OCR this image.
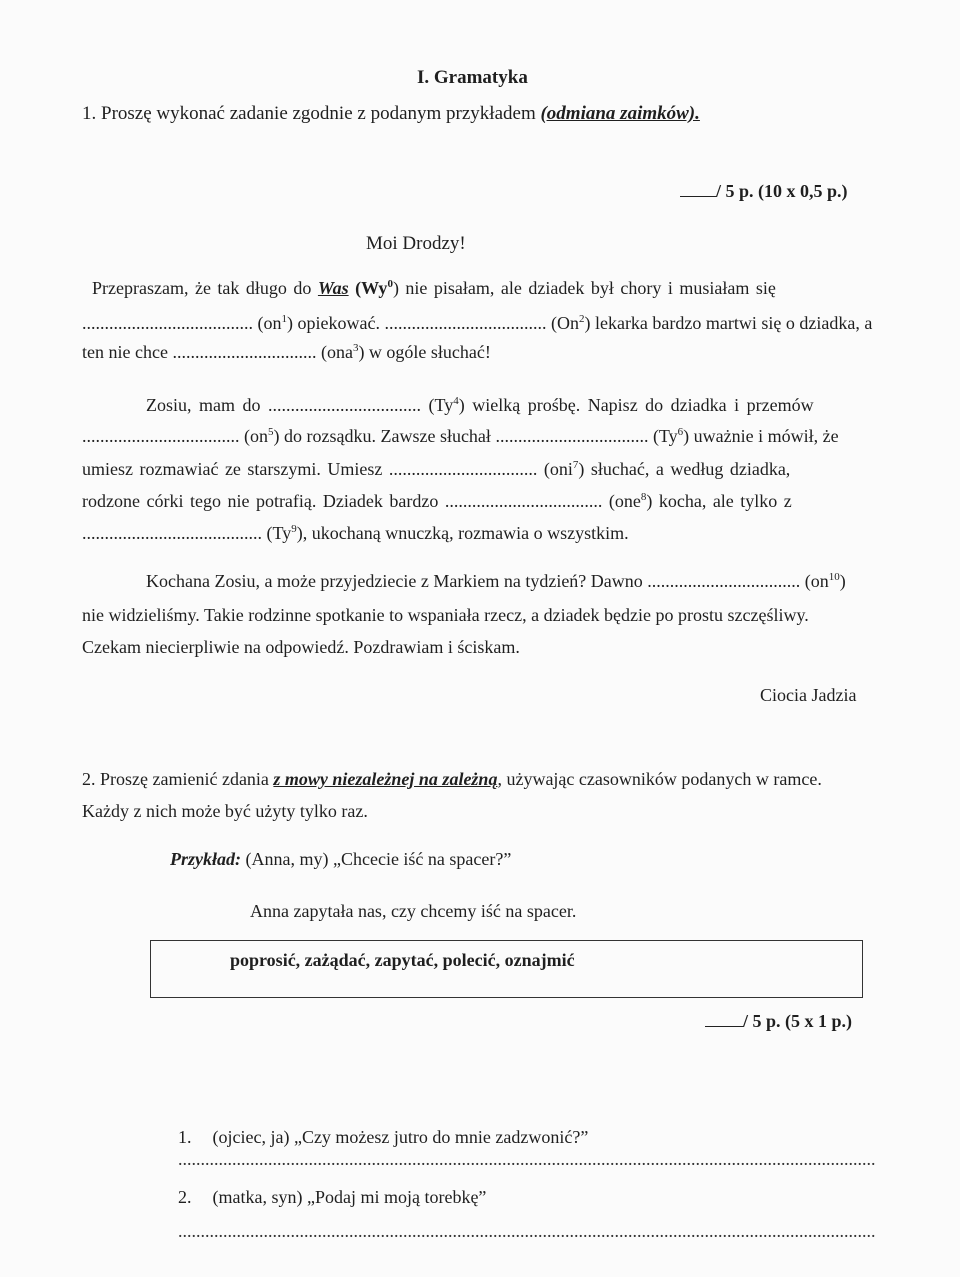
I. Gramatyka
1. Proszę wykonać zadanie zgodnie z podanym przykładem (odmiana zaimków).
/ 5 p. (10 x 0,5 p.)
Moi Drodzy!
Przepraszam, że tak długo do Was (Wy$^0$) nie pisałam, ale dziadek był chory i musiałam się
...................................... $(on^1)$ opiekować. .................................... (On$^2$) lekarka bardzo martwi się o dziadka, a
ten nie chce ................................ (ona$^3$) w ogóle słuchać!
Zosiu, mam do .................................. (Ty$^4$) wielką prośbę. Napisz do dziadka i przemów
................................... $(on^5)$ do rozsądku. Zawsze słuchał .................................. (Ty$^6$) uważnie i mówił, że
umiesz rozmawiać ze starszymi. Umiesz ................................. (oni$^7$) słuchać, a według dziadka,
rodzone córki tego nie potrafią. Dziadek bardzo ................................... (one$^8$) kocha, ale tylko z
........................................ (Ty$^9$), ukochaną wnuczką, rozmawia o wszystkim.
Kochana Zosiu, a może przyjedziecie z Markiem na tydzień? Dawno .................................. $(on^{10})$
nie widzieliśmy. Takie rodzinne spotkanie to wspaniała rzecz, a dziadek będzie po prostu szczęśliwy.
Czekam niecierpliwie na odpowiedź. Pozdrawiam i ściskam.
Ciocia Jadzia
2. Proszę zamienić zdania z mowy niezależnej na zależną, używając czasowników podanych w ramce.
Każdy z nich może być użyty tylko raz.
Przykład: (Anna, my) „Chcecie iść na spacer?”
Anna zapytała nas, czy chcemy iść na spacer.
poprosić, zażądać, zapytać, polecić, oznajmić
/ 5 p. (5 x 1 p.)
1. (ojciec, ja) „Czy możesz jutro do mnie zadzwonić?”
...........................................................................................................................................................
2. (matka, syn) „Podaj mi moją torebkę”
...........................................................................................................................................................
